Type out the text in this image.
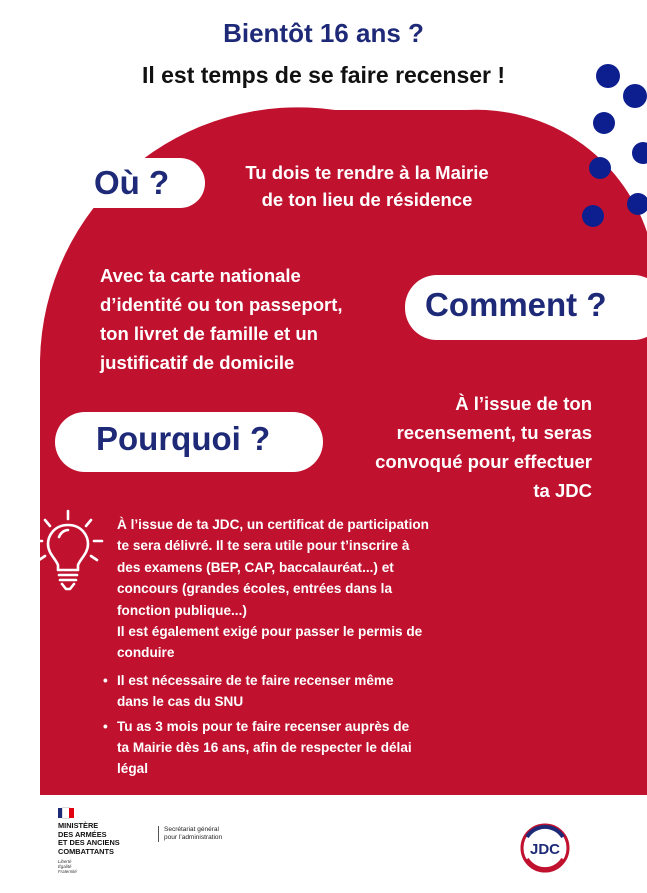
Bientôt 16 ans ?
Il est temps de se faire recenser !
Où ?	Tu dois te rendre à la Mairie
de ton lieu de résidence
Avec ta carte nationale
d’identité ou ton passeport,
ton livret de famille et un
justificatif de domicile
Comment ?
Pourquoi ?
À l’issue de ton
recensement, tu seras
convoqué pour effectuer
ta JDC

À l’issue de ta JDC, un certificat de participation
te sera délivré. Il te sera utile pour t’inscrire à
des examens (BEP, CAP, baccalauréat...) et
concours (grandes écoles, entrées dans la
fonction publique...)
Il est également exigé pour passer le permis de
conduire

• Il est nécessaire de te faire recenser même
dans le cas du SNU
• Tu as 3 mois pour te faire recenser auprès de
ta Mairie dès 16 ans, afin de respecter le délai
légal
MINISTÈRE
DES ARMÉES
ET DES ANCIENS
COMBATTANTS
Liberté
Égalité
Fraternité
Secrétariat général
pour l’administration
JDC
